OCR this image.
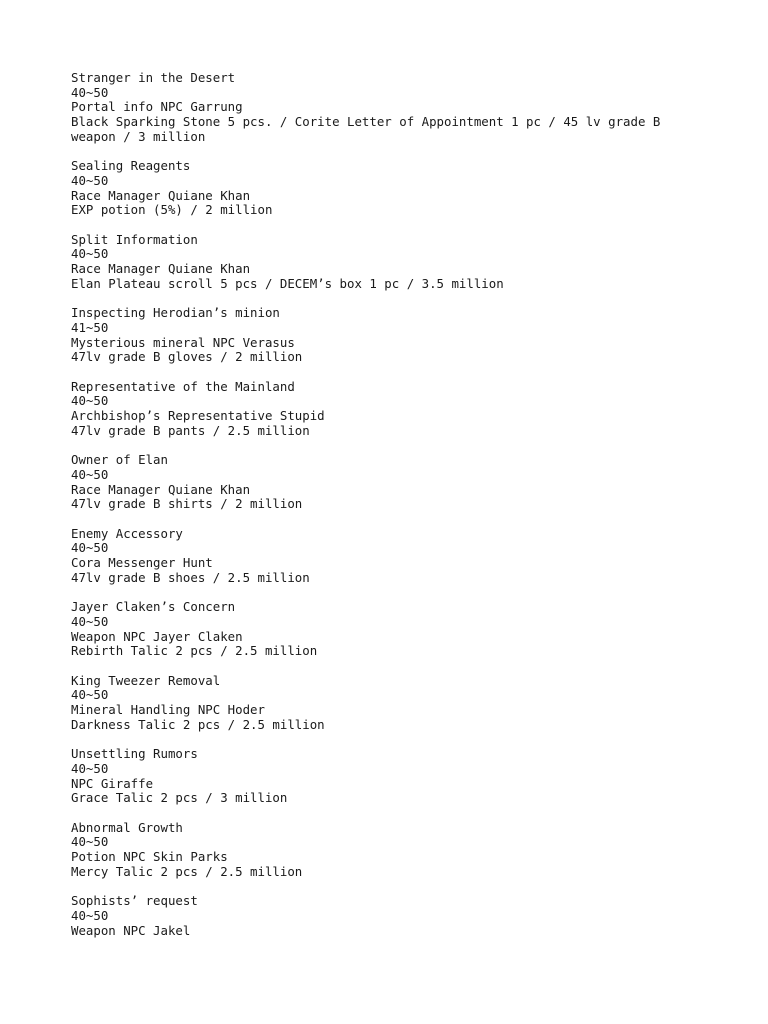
Stranger in the Desert
40~50
Portal info NPC Garrung
Black Sparking Stone 5 pcs. / Corite Letter of Appointment 1 pc / 45 lv grade B
weapon / 3 million
Sealing Reagents
40~50
Race Manager Quiane Khan
EXP potion (5%) / 2 million
Split Information
40~50
Race Manager Quiane Khan
Elan Plateau scroll 5 pcs / DECEM’s box 1 pc / 3.5 million
Inspecting Herodian’s minion
41~50
Mysterious mineral NPC Verasus
47lv grade B gloves / 2 million
Representative of the Mainland
40~50
Archbishop’s Representative Stupid
47lv grade B pants / 2.5 million
Owner of Elan
40~50
Race Manager Quiane Khan
47lv grade B shirts / 2 million
Enemy Accessory
40~50
Cora Messenger Hunt
47lv grade B shoes / 2.5 million
Jayer Claken’s Concern
40~50
Weapon NPC Jayer Claken
Rebirth Talic 2 pcs / 2.5 million
King Tweezer Removal
40~50
Mineral Handling NPC Hoder
Darkness Talic 2 pcs / 2.5 million
Unsettling Rumors
40~50
NPC Giraffe
Grace Talic 2 pcs / 3 million
Abnormal Growth
40~50
Potion NPC Skin Parks
Mercy Talic 2 pcs / 2.5 million
Sophists’ request
40~50
Weapon NPC Jakel
